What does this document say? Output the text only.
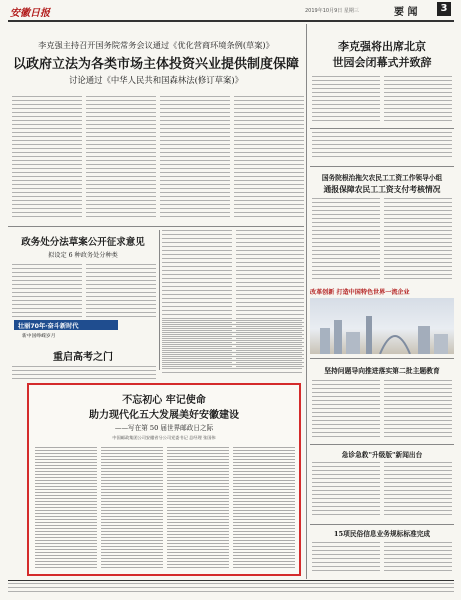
安徽日报	2019年10月9日 星期三	要 闻	3
李克强主持召开国务院常务会议通过《优化营商环境条例(草案)》
以政府立法为各类市场主体投资兴业提供制度保障
讨论通过《中华人民共和国森林法(修订草案)》
李克强将出席北京
世园会闭幕式并致辞
国务院根治拖欠农民工工资工作领导小组
通报保障农民工工资支付考核情况
政务处分法草案公开征求意见
拟设定 6 种政务处分种类
壮丽70年·奋斗新时代
新中国峥嵘岁月
重启高考之门
改革创新 打造中国特色世界一流企业
坚持问题导向推进落实第二批主题教育
急诊急救"升级版"新闻出台
15项民俗信息业务规标标准完成
不忘初心 牢记使命
助力现代化五大发展美好安徽建设
——写在第 50 届世界邮政日之际
中国邮政集团公司安徽省分公司党委书记 总经理 张国伟
